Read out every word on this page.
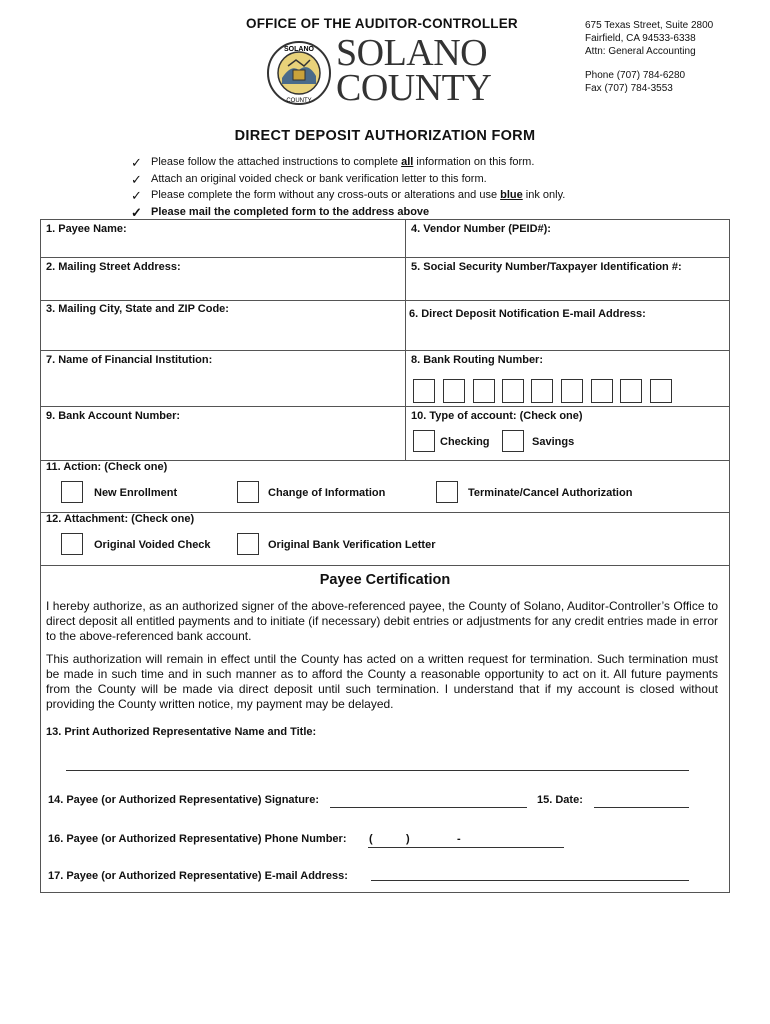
OFFICE OF THE AUDITOR-CONTROLLER
SOLANO
COUNTY
SOLANO
COUNTY
675 Texas Street, Suite 2800
Fairfield, CA 94533-6338
Attn: General Accounting
Phone (707) 784-6280
Fax (707) 784-3553
DIRECT DEPOSIT AUTHORIZATION FORM
✓ Please follow the attached instructions to complete all information on this form.
✓ Attach an original voided check or bank verification letter to this form.
✓ Please complete the form without any cross-outs or alterations and use blue ink only.
✓ Please mail the completed form to the address above
1. Payee Name:	4. Vendor Number (PEID#):
2. Mailing Street Address:	5. Social Security Number/Taxpayer Identification #:
3. Mailing City, State and ZIP Code:	6. Direct Deposit Notification E-mail Address:
7. Name of Financial Institution:	8. Bank Routing Number:
9. Bank Account Number:	10. Type of account: (Check one)
Checking	Savings
11. Action: (Check one)
New Enrollment	Change of Information	Terminate/Cancel Authorization
12. Attachment: (Check one)
Original Voided Check	Original Bank Verification Letter
Payee Certification
I hereby authorize, as an authorized signer of the above-referenced payee, the County of Solano, Auditor-Controller’s Office to direct deposit all entitled payments and to initiate (if necessary) debit entries or adjustments for any credit entries made in error to the above-referenced bank account.
This authorization will remain in effect until the County has acted on a written request for termination. Such termination must be made in such time and in such manner as to afford the County a reasonable opportunity to act on it. All future payments from the County will be made via direct deposit until such termination. I understand that if my account is closed without providing the County written notice, my payment may be delayed.
13. Print Authorized Representative Name and Title:
14. Payee (or Authorized Representative) Signature:	15. Date:
16. Payee (or Authorized Representative) Phone Number: (	)	-
17. Payee (or Authorized Representative) E-mail Address:
